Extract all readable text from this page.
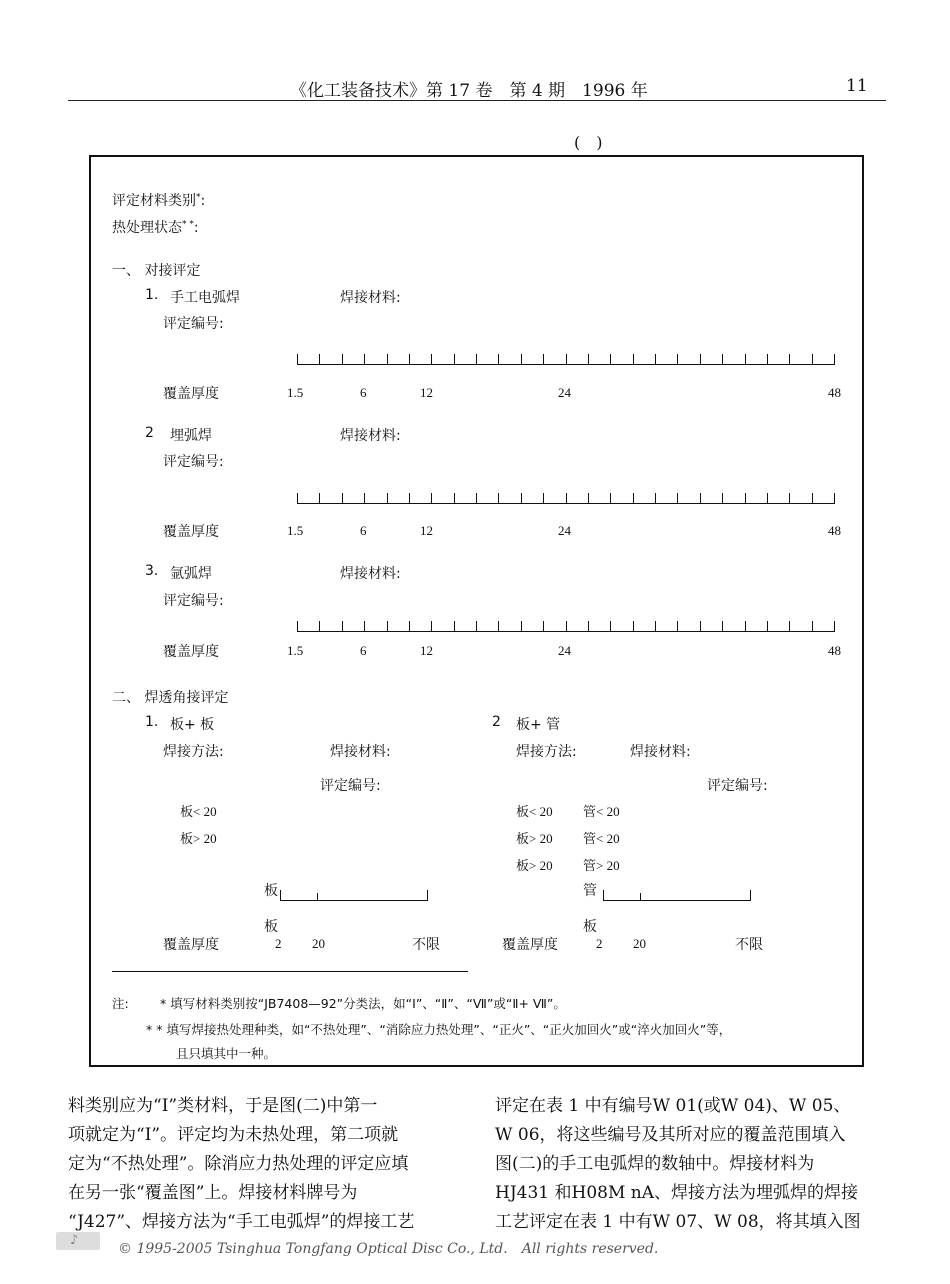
《化工装备技术》第 17 卷　第 4 期　1996 年	11
(　)
评定材料类别*:
热处理状态* *:
一、 对接评定
1. 手工电弧焊	焊接材料:
评定编号:
覆盖厚度	1.5	6	12	24	48
2 埋弧焊	焊接材料:
评定编号:
覆盖厚度	1.5	6	12	24	48
3. 氩弧焊	焊接材料:
评定编号:
覆盖厚度	1.5	6	12	24	48
二、 焊透角接评定
1. 板+ 板
焊接方法:	焊接材料:
评定编号:
板< 20
板> 20
板
板
覆盖厚度	2 20	不限
2 板+ 管
焊接方法:	焊接材料:
评定编号:
板< 20 管< 20
板> 20 管< 20
板> 20 管> 20
管
板
覆盖厚度	2 20	不限
注:	* 填写材料类别按“JB7408—92”分类法，如“Ⅰ”、“Ⅱ”、“Ⅶ”或“Ⅱ+ Ⅶ”。
* * 填写焊接热处理种类，如“不热处理”、“消除应力热处理”、“正火”、“正火加回火”或“淬火加回火”等，
且只填其中一种。
料类别应为“Ⅰ”类材料，于是图(二)中第一
项就定为“Ⅰ”。评定均为未热处理，第二项就
定为“不热处理”。除消应力热处理的评定应填
在另一张“覆盖图”上。焊接材料牌号为
“J427”、焊接方法为“手工电弧焊”的焊接工艺
评定在表 1 中有编号W 01(或W 04)、W 05、
W 06，将这些编号及其所对应的覆盖范围填入
图(二)的手工电弧焊的数轴中。焊接材料为
HJ431 和H08M nA、焊接方法为埋弧焊的焊接
工艺评定在表 1 中有W 07、W 08，将其填入图
♪
© 1995-2005 Tsinghua Tongfang Optical Disc Co., Ltd.　All rights reserved.
